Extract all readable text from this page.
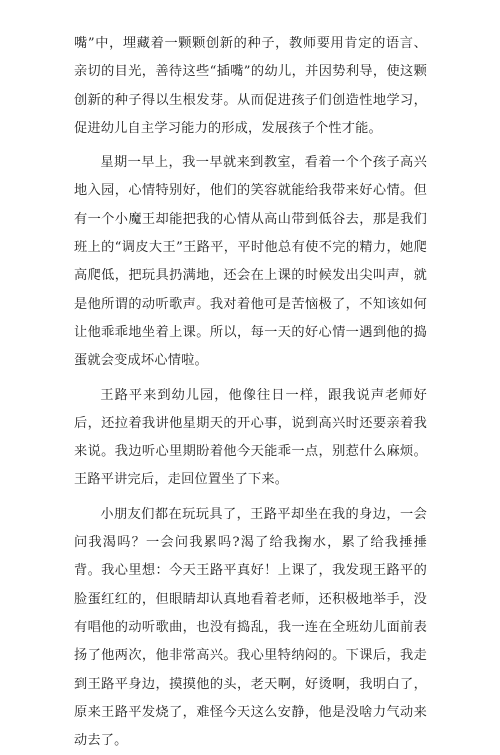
嘴”中，埋藏着一颗颗创新的种子，教师要用肯定的语言、亲切的目光，善待这些“插嘴”的幼儿，并因势利导，使这颗创新的种子得以生根发芽。从而促进孩子们创造性地学习，促进幼儿自主学习能力的形成，发展孩子个性才能。

星期一早上，我一早就来到教室，看着一个个孩子高兴地入园，心情特别好，他们的笑容就能给我带来好心情。但有一个小魔王却能把我的心情从高山带到低谷去，那是我们班上的“调皮大王”王路平，平时他总有使不完的精力，她爬高爬低，把玩具扔满地，还会在上课的时候发出尖叫声，就是他所谓的动听歌声。我对着他可是苦恼极了，不知该如何让他乖乖地坐着上课。所以，每一天的好心情一遇到他的捣蛋就会变成坏心情啦。

王路平来到幼儿园，他像往日一样，跟我说声老师好后，还拉着我讲他星期天的开心事，说到高兴时还要亲着我来说。我边听心里期盼着他今天能乖一点，别惹什么麻烦。王路平讲完后，走回位置坐了下来。

小朋友们都在玩玩具了，王路平却坐在我的身边，一会问我渴吗？一会问我累吗?渴了给我掬水，累了给我捶捶背。我心里想：今天王路平真好！上课了，我发现王路平的脸蛋红红的，但眼睛却认真地看着老师，还积极地举手，没有唱他的动听歌曲，也没有捣乱，我一连在全班幼儿面前表扬了他两次，他非常高兴。我心里特纳闷的。下课后，我走到王路平身边，摸摸他的头，老天啊，好烫啊，我明白了，原来王路平发烧了，难怪今天这么安静，他是没啥力气动来动去了。
